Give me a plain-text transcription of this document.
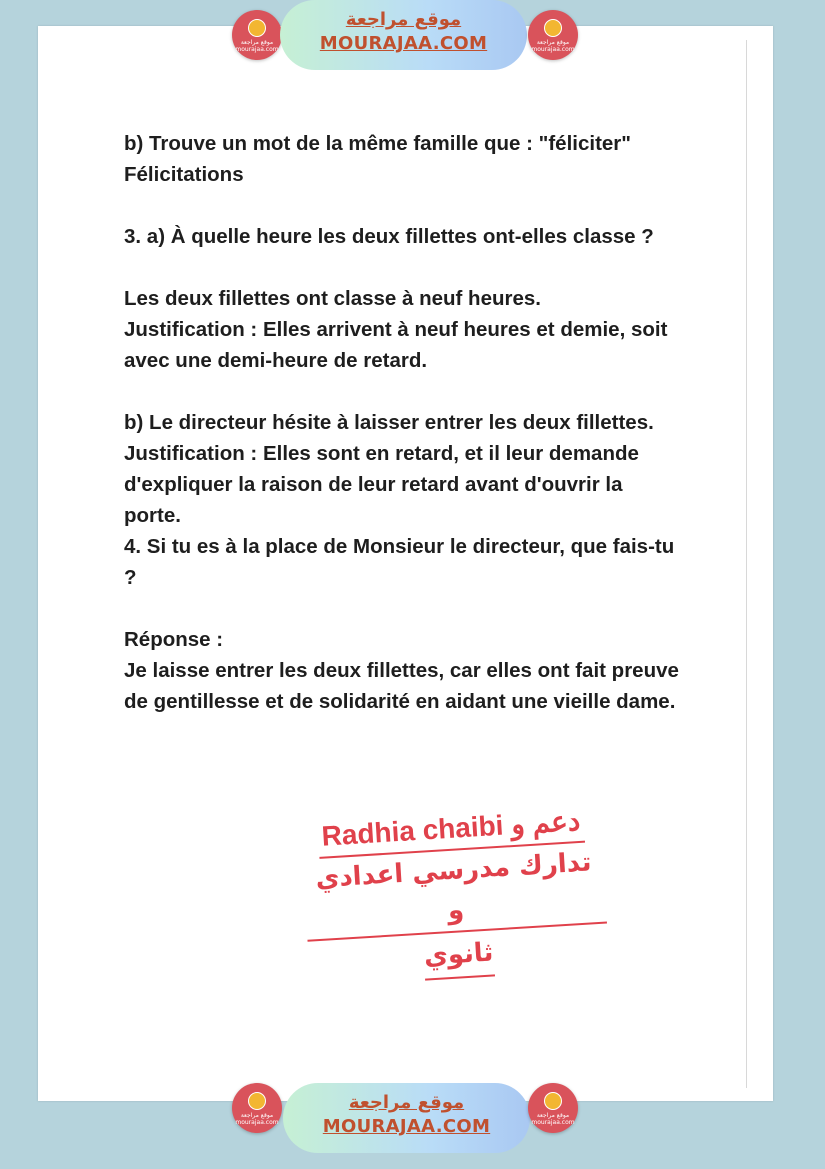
موقع مراجعة mourajaa.com
موقع مراجعة
MOURAJAA.COM	موقع مراجعة mourajaa.com

b) Trouve un mot de la même famille que : "féliciter"

Félicitations

3. a) À quelle heure les deux fillettes ont-elles classe ?

Les deux fillettes ont classe à neuf heures.

Justification : Elles arrivent à neuf heures et demie, soit avec une demi-heure de retard.

b) Le directeur hésite à laisser entrer les deux fillettes.

Justification : Elles sont en retard, et il leur demande d'expliquer la raison de leur retard avant d'ouvrir la porte.

4. Si tu es à la place de Monsieur le directeur, que fais-tu ?

Réponse :

Je laisse entrer les deux fillettes, car elles ont fait preuve de gentillesse et de solidarité en aidant une vieille dame.

Radhia chaibi دعم و
تدارك مدرسي اعدادي و
ثانوي
موقع مراجعة mourajaa.com
موقع مراجعة
MOURAJAA.COM
موقع مراجعة mourajaa.com
